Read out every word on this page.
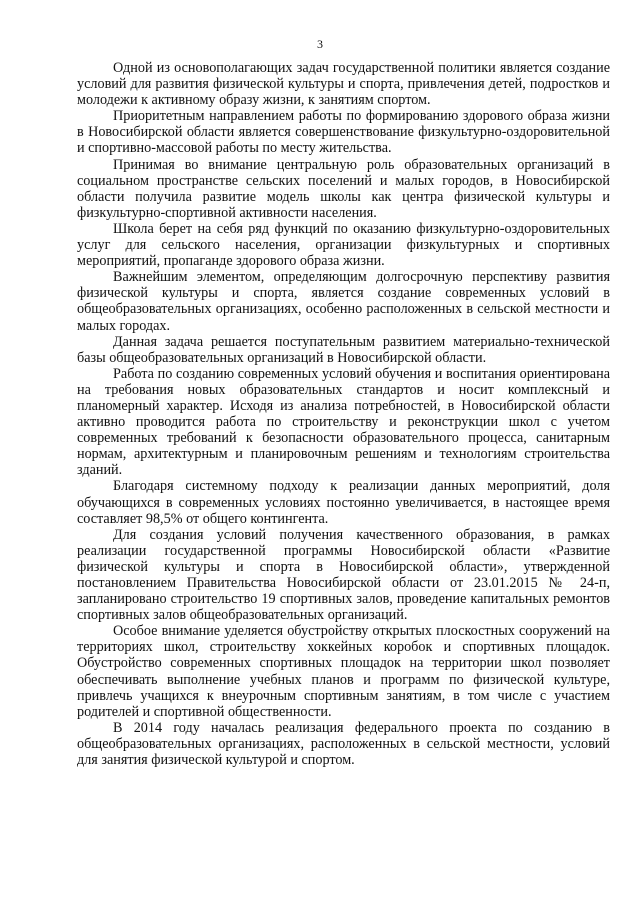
3

Одной из основополагающих задач государственной политики является создание условий для развития физической культуры и спорта, привлечения детей, подростков и молодежи к активному образу жизни, к занятиям спортом.

Приоритетным направлением работы по формированию здорового образа жизни в Новосибирской области является совершенствование физкультурно-оздоровительной и спортивно-массовой работы по месту жительства.

Принимая во внимание центральную роль образовательных организаций в социальном пространстве сельских поселений и малых городов, в Новосибирской области получила развитие модель школы как центра физической культуры и физкультурно-спортивной активности населения.

Школа берет на себя ряд функций по оказанию физкультурно-оздоровительных услуг для сельского населения, организации физкультурных и спортивных мероприятий, пропаганде здорового образа жизни.

Важнейшим элементом, определяющим долгосрочную перспективу развития физической культуры и спорта, является создание современных условий в общеобразовательных организациях, особенно расположенных в сельской местности и малых городах.

Данная задача решается поступательным развитием материально-технической базы общеобразовательных организаций в Новосибирской области.

Работа по созданию современных условий обучения и воспитания ориентирована на требования новых образовательных стандартов и носит комплексный и планомерный характер. Исходя из анализа потребностей, в Новосибирской области активно проводится работа по строительству и реконструкции школ с учетом современных требований к безопасности образовательного процесса, санитарным нормам, архитектурным и планировочным решениям и технологиям строительства зданий.

Благодаря системному подходу к реализации данных мероприятий, доля обучающихся в современных условиях постоянно увеличивается, в настоящее время составляет 98,5% от общего контингента.

Для создания условий получения качественного образования, в рамках реализации государственной программы Новосибирской области «Развитие физической культуры и спорта в Новосибирской области», утвержденной постановлением Правительства Новосибирской области от 23.01.2015 № 24-п, запланировано строительство 19 спортивных залов, проведение капитальных ремонтов спортивных залов общеобразовательных организаций.

Особое внимание уделяется обустройству открытых плоскостных сооружений на территориях школ, строительству хоккейных коробок и спортивных площадок. Обустройство современных спортивных площадок на территории школ позволяет обеспечивать выполнение учебных планов и программ по физической культуре, привлечь учащихся к внеурочным спортивным занятиям, в том числе с участием родителей и спортивной общественности.

В 2014 году началась реализация федерального проекта по созданию в общеобразовательных организациях, расположенных в сельской местности, условий для занятия физической культурой и спортом.
